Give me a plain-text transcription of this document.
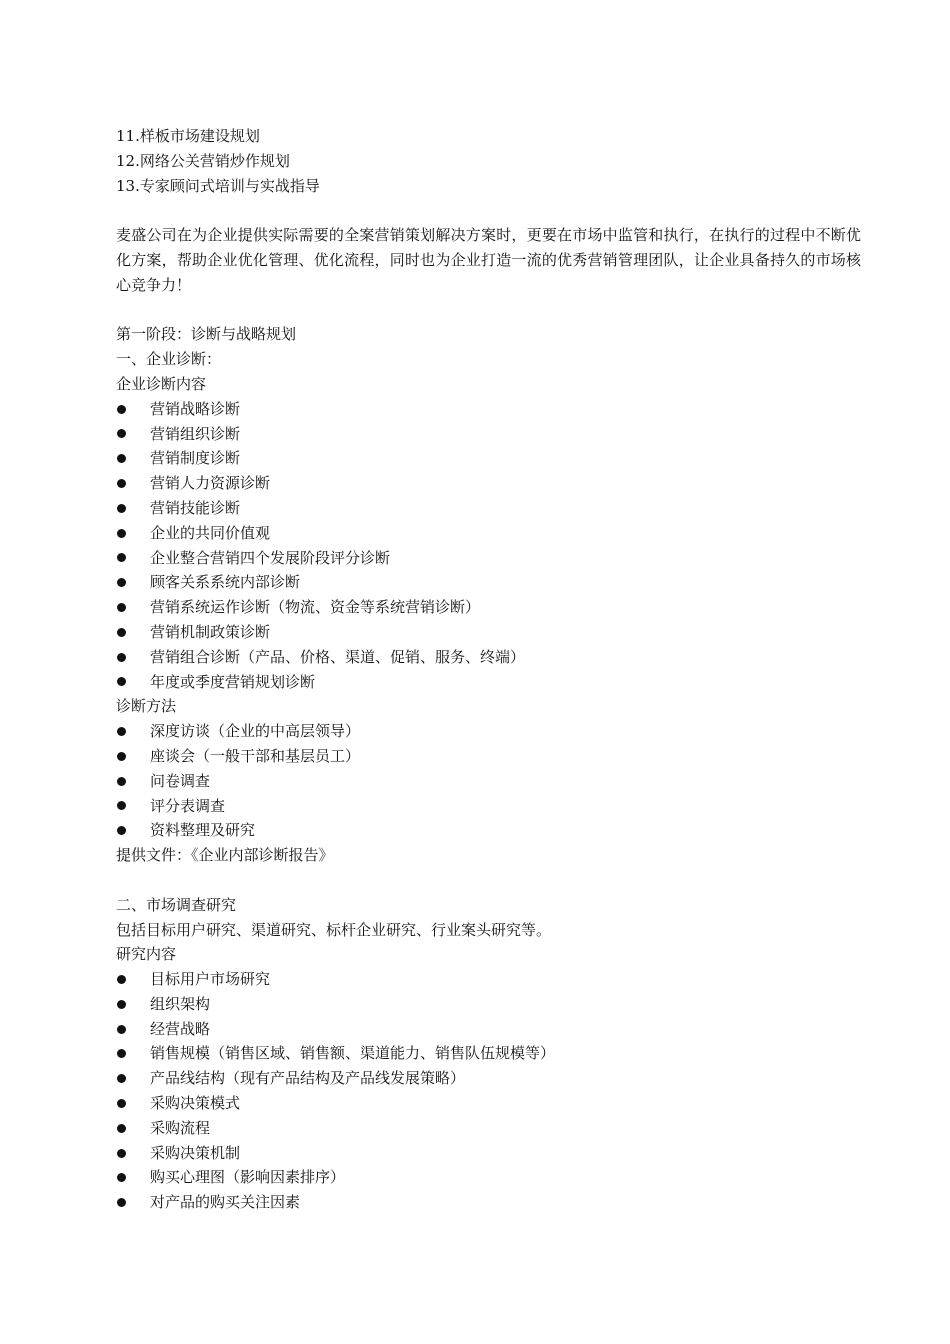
11.样板市场建设规划
12.网络公关营销炒作规划
13.专家顾问式培训与实战指导
麦盛公司在为企业提供实际需要的全案营销策划解决方案时，更要在市场中监管和执行，在执行的过程中不断优化方案，帮助企业优化管理、优化流程，同时也为企业打造一流的优秀营销管理团队，让企业具备持久的市场核心竞争力！
第一阶段：诊断与战略规划
一、企业诊断：
企业诊断内容
营销战略诊断
营销组织诊断
营销制度诊断
营销人力资源诊断
营销技能诊断
企业的共同价值观
企业整合营销四个发展阶段评分诊断
顾客关系系统内部诊断
营销系统运作诊断（物流、资金等系统营销诊断）
营销机制政策诊断
营销组合诊断（产品、价格、渠道、促销、服务、终端）
年度或季度营销规划诊断
诊断方法
深度访谈（企业的中高层领导）
座谈会（一般干部和基层员工）
问卷调查
评分表调查
资料整理及研究
提供文件：《企业内部诊断报告》
二、市场调查研究
包括目标用户研究、渠道研究、标杆企业研究、行业案头研究等。
研究内容
目标用户市场研究
组织架构
经营战略
销售规模（销售区域、销售额、渠道能力、销售队伍规模等）
产品线结构（现有产品结构及产品线发展策略）
采购决策模式
采购流程
采购决策机制
购买心理图（影响因素排序）
对产品的购买关注因素
